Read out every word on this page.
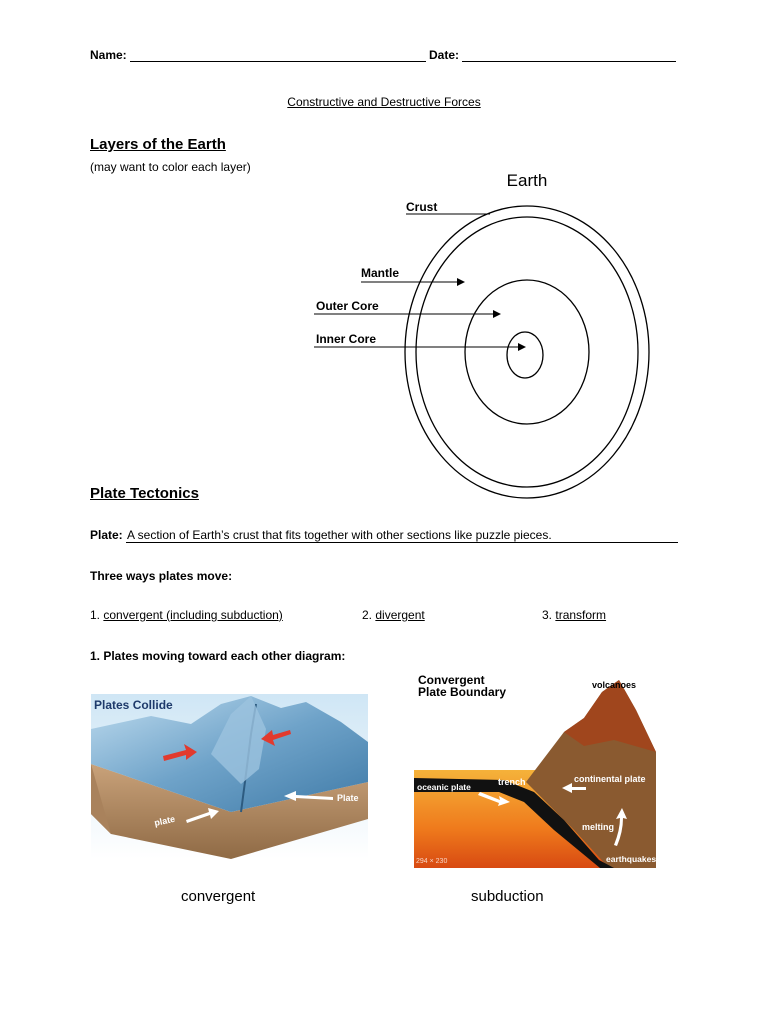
Name:	Date:
Constructive and Destructive Forces
Layers of the Earth
(may want to color each layer)
Earth
Crust
Mantle
Outer Core
Inner Core
Plate Tectonics
Plate: A section of Earth’s crust that fits together with other sections like puzzle pieces.
Three ways plates move:
1. convergent (including subduction)	2. divergent	3. transform
1. Plates moving toward each other diagram:
Plates Collide
plate
Plate
Convergent
Plate Boundary	volcanoes
trench
oceanic plate
continental plate
melting
earthquakes
294 × 230
convergent	subduction
